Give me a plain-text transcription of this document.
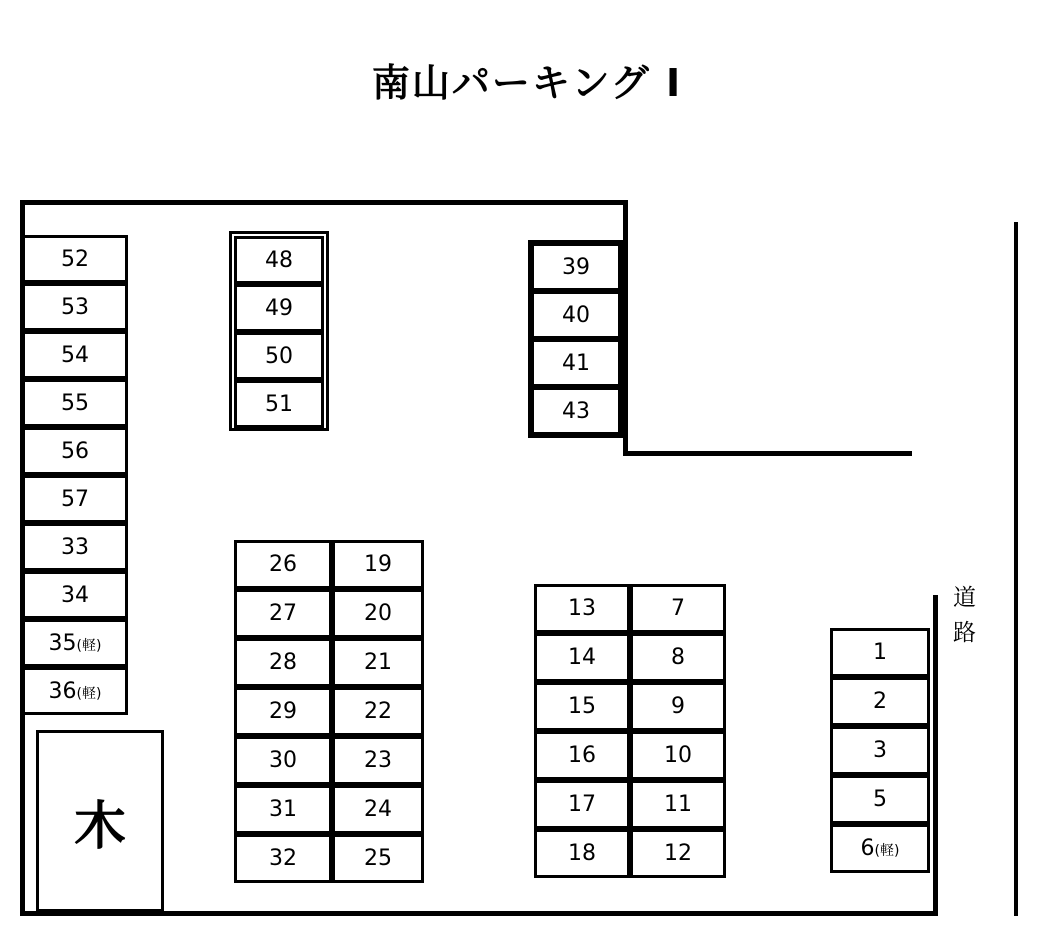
南山パーキング Ⅰ
道路
52
53
54
55
56
57
33
34
35(軽)
36(軽)
木
48
49
50
51
39
40
41
43
26
27
28
29
30
31
32
19
20
21
22
23
24
25
13
14
15
16
17
18
7
8
9
10
11
12
1
2
3
5
6(軽)
